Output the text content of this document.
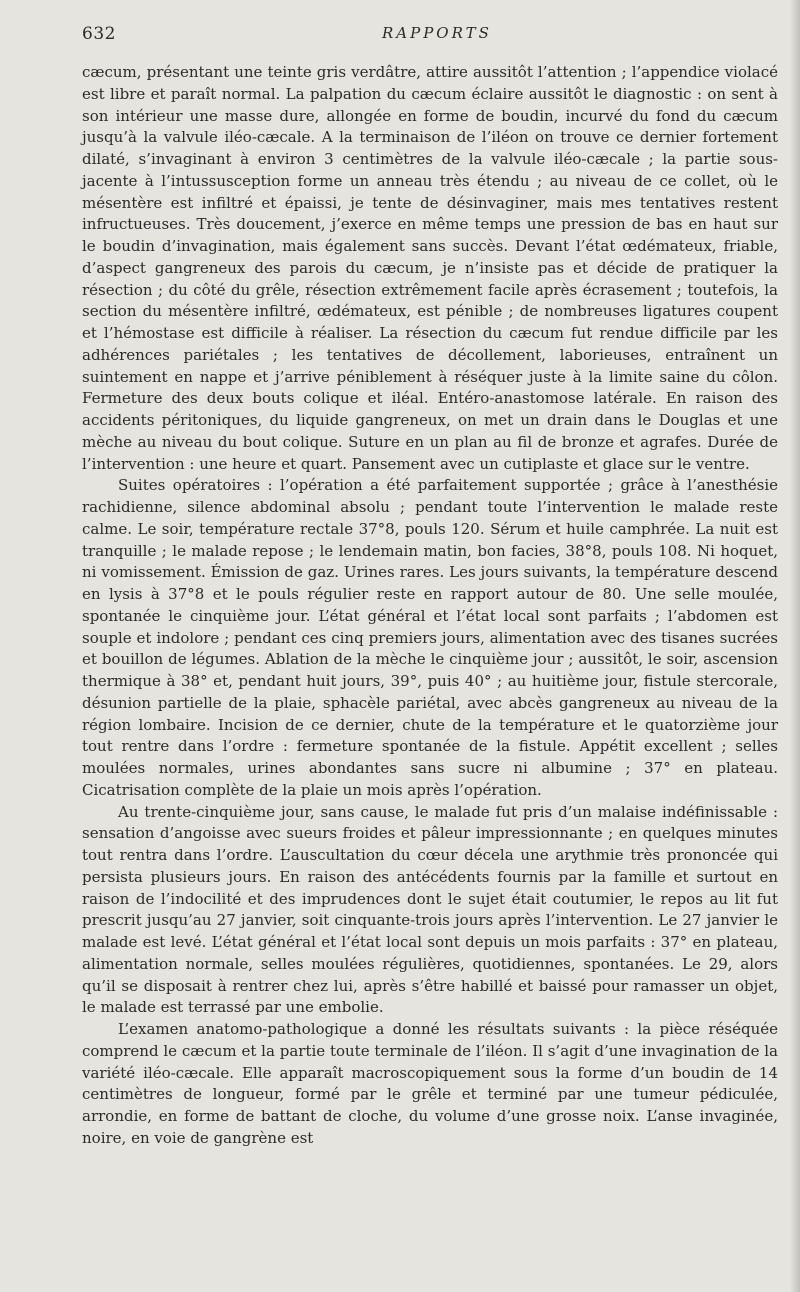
632	RAPPORTS

cæcum, présentant une teinte gris verdâtre, attire aussitôt l’attention ; l’appendice violacé est libre et paraît normal. La palpation du cæcum éclaire aussitôt le diagnostic : on sent à son intérieur une masse dure, allongée en forme de boudin, incurvé du fond du cæcum jusqu’à la valvule iléo-cæcale. A la terminaison de l’iléon on trouve ce dernier fortement dilaté, s’invaginant à environ 3 centimètres de la valvule iléo-cæcale ; la partie sous-jacente à l’intussusception forme un anneau très étendu ; au niveau de ce collet, où le mésentère est infiltré et épaissi, je tente de désinvaginer, mais mes tentatives restent infructueuses. Très doucement, j’exerce en même temps une pression de bas en haut sur le boudin d’invagination, mais également sans succès. Devant l’état œdémateux, friable, d’aspect gangreneux des parois du cæcum, je n’insiste pas et décide de pratiquer la résection ; du côté du grêle, résection extrêmement facile après écrasement ; toutefois, la section du mésentère infiltré, œdémateux, est pénible ; de nombreuses ligatures coupent et l’hémostase est difficile à réaliser. La résection du cæcum fut rendue difficile par les adhérences pariétales ; les tentatives de décollement, laborieuses, entraînent un suintement en nappe et j’arrive péniblement à réséquer juste à la limite saine du côlon. Fermeture des deux bouts colique et iléal. Entéro-anastomose latérale. En raison des accidents péritoniques, du liquide gangreneux, on met un drain dans le Douglas et une mèche au niveau du bout colique. Suture en un plan au fil de bronze et agrafes. Durée de l’intervention : une heure et quart. Pansement avec un cutiplaste et glace sur le ventre.

Suites opératoires : l’opération a été parfaitement supportée ; grâce à l’anesthésie rachidienne, silence abdominal absolu ; pendant toute l’intervention le malade reste calme. Le soir, température rectale 37°8, pouls 120. Sérum et huile camphrée. La nuit est tranquille ; le malade repose ; le lendemain matin, bon facies, 38°8, pouls 108. Ni hoquet, ni vomissement. Émission de gaz. Urines rares. Les jours suivants, la température descend en lysis à 37°8 et le pouls régulier reste en rapport autour de 80. Une selle moulée, spontanée le cinquième jour. L’état général et l’état local sont parfaits ; l’abdomen est souple et indolore ; pendant ces cinq premiers jours, alimentation avec des tisanes sucrées et bouillon de légumes. Ablation de la mèche le cinquième jour ; aussitôt, le soir, ascension thermique à 38° et, pendant huit jours, 39°, puis 40° ; au huitième jour, fistule stercorale, désunion partielle de la plaie, sphacèle pariétal, avec abcès gangreneux au niveau de la région lombaire. Incision de ce dernier, chute de la température et le quatorzième jour tout rentre dans l’ordre : fermeture spontanée de la fistule. Appétit excellent ; selles moulées normales, urines abondantes sans sucre ni albumine ; 37° en plateau. Cicatrisation complète de la plaie un mois après l’opération.

Au trente-cinquième jour, sans cause, le malade fut pris d’un malaise indéfinissable : sensation d’angoisse avec sueurs froides et pâleur impressionnante ; en quelques minutes tout rentra dans l’ordre. L’auscultation du cœur décela une arythmie très prononcée qui persista plusieurs jours. En raison des antécédents fournis par la famille et surtout en raison de l’indocilité et des imprudences dont le sujet était coutumier, le repos au lit fut prescrit jusqu’au 27 janvier, soit cinquante-trois jours après l’intervention. Le 27 janvier le malade est levé. L’état général et l’état local sont depuis un mois parfaits : 37° en plateau, alimentation normale, selles moulées régulières, quotidiennes, spontanées. Le 29, alors qu’il se disposait à rentrer chez lui, après s’être habillé et baissé pour ramasser un objet, le malade est terrassé par une embolie.

L’examen anatomo-pathologique a donné les résultats suivants : la pièce réséquée comprend le cæcum et la partie toute terminale de l’iléon. Il s’agit d’une invagination de la variété iléo-cæcale. Elle apparaît macroscopiquement sous la forme d’un boudin de 14 centimètres de longueur, formé par le grêle et terminé par une tumeur pédiculée, arrondie, en forme de battant de cloche, du volume d’une grosse noix. L’anse invaginée, noire, en voie de gangrène est
